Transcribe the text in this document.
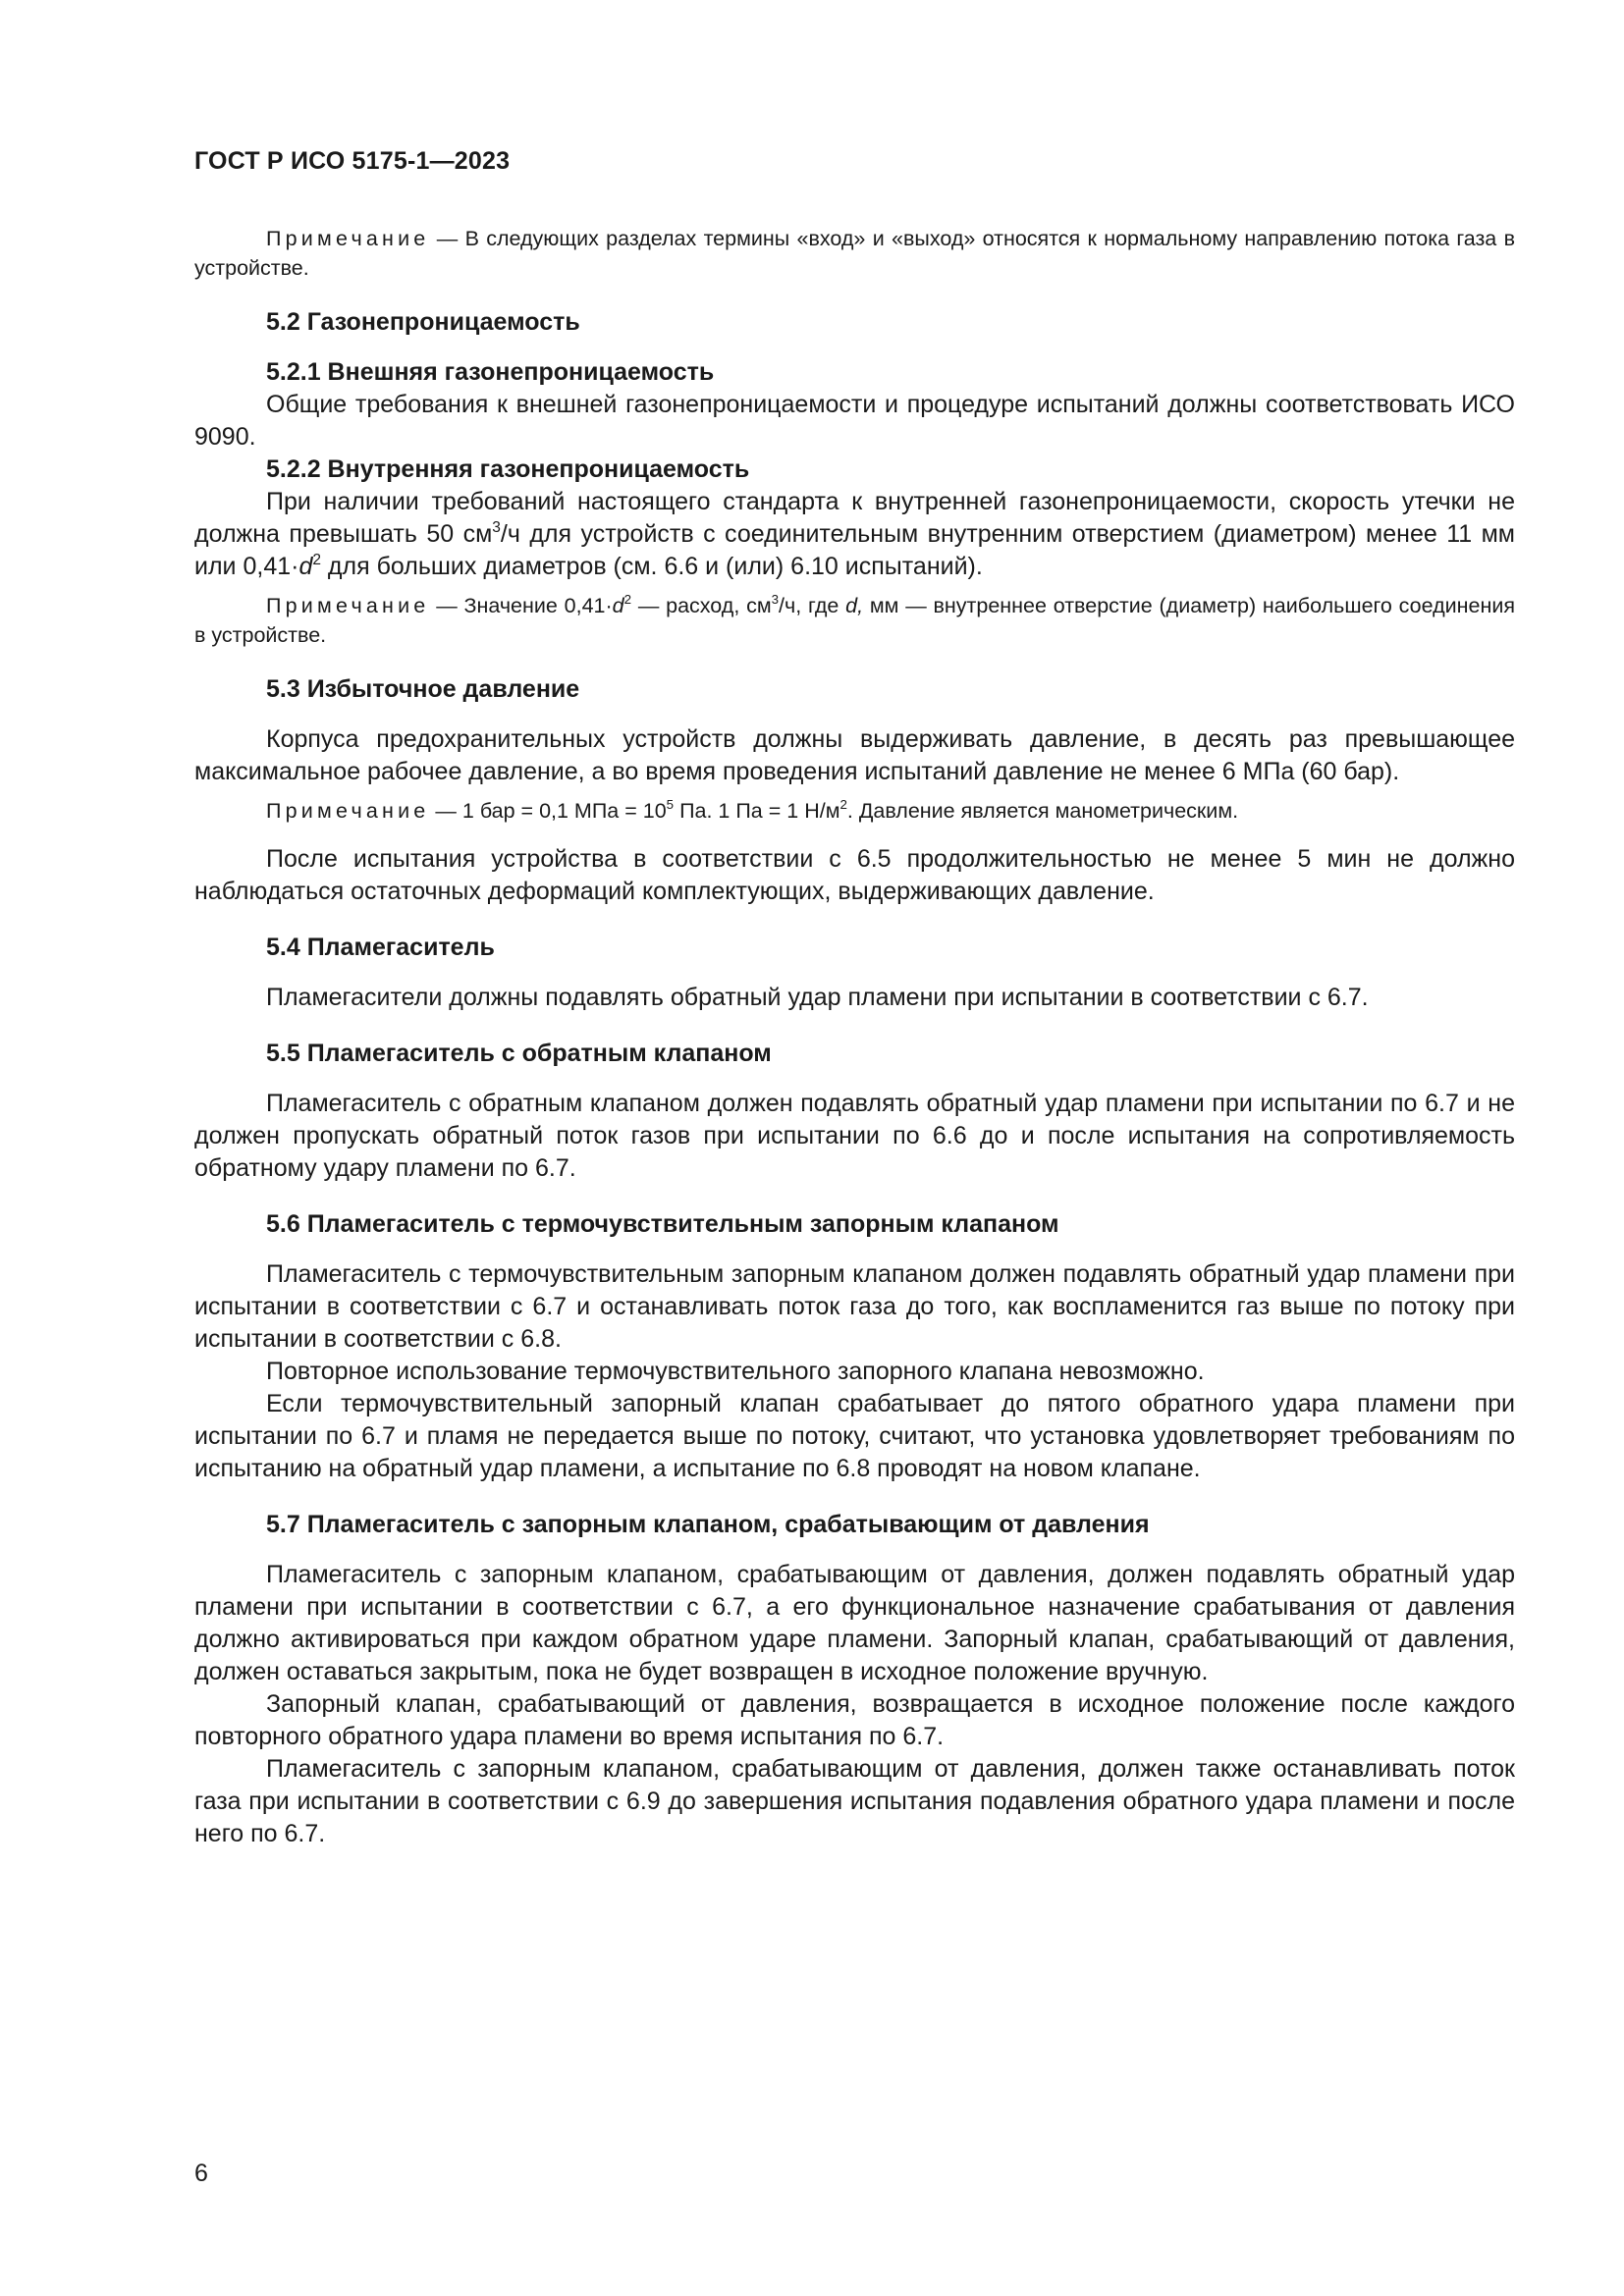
ГОСТ Р ИСО 5175-1—2023

Примечание — В следующих разделах термины «вход» и «выход» относятся к нормальному направлению потока газа в устройстве.

5.2 Газонепроницаемость

5.2.1 Внешняя газонепроницаемость

Общие требования к внешней газонепроницаемости и процедуре испытаний должны соответствовать ИСО 9090.

5.2.2 Внутренняя газонепроницаемость

При наличии требований настоящего стандарта к внутренней газонепроницаемости, скорость утечки не должна превышать 50 $см^3/ч$ для устройств с соединительным внутренним отверстием (диаметром) менее 11 мм или $0,41\cdot d^2$ для больших диаметров (см. 6.6 и (или) 6.10 испытаний).

Примечание — Значение $0,41\cdot d^2$ — расход, $см^3/ч$, где d, мм — внутреннее отверстие (диаметр) наибольшего соединения в устройстве.

5.3 Избыточное давление

Корпуса предохранительных устройств должны выдерживать давление, в десять раз превышающее максимальное рабочее давление, а во время проведения испытаний давление не менее 6 МПа (60 бар).

Примечание — 1 бар = 0,1 МПа = $10^5$ Па. 1 Па = 1 $Н/м^2$. Давление является манометрическим.

После испытания устройства в соответствии с 6.5 продолжительностью не менее 5 мин не должно наблюдаться остаточных деформаций комплектующих, выдерживающих давление.

5.4 Пламегаситель

Пламегасители должны подавлять обратный удар пламени при испытании в соответствии с 6.7.

5.5 Пламегаситель с обратным клапаном

Пламегаситель с обратным клапаном должен подавлять обратный удар пламени при испытании по 6.7 и не должен пропускать обратный поток газов при испытании по 6.6 до и после испытания на сопротивляемость обратному удару пламени по 6.7.

5.6 Пламегаситель с термочувствительным запорным клапаном

Пламегаситель с термочувствительным запорным клапаном должен подавлять обратный удар пламени при испытании в соответствии с 6.7 и останавливать поток газа до того, как воспламенится газ выше по потоку при испытании в соответствии с 6.8.

Повторное использование термочувствительного запорного клапана невозможно.

Если термочувствительный запорный клапан срабатывает до пятого обратного удара пламени при испытании по 6.7 и пламя не передается выше по потоку, считают, что установка удовлетворяет требованиям по испытанию на обратный удар пламени, а испытание по 6.8 проводят на новом клапане.

5.7 Пламегаситель с запорным клапаном, срабатывающим от давления

Пламегаситель с запорным клапаном, срабатывающим от давления, должен подавлять обратный удар пламени при испытании в соответствии с 6.7, а его функциональное назначение срабатывания от давления должно активироваться при каждом обратном ударе пламени. Запорный клапан, срабатывающий от давления, должен оставаться закрытым, пока не будет возвращен в исходное положение вручную.

Запорный клапан, срабатывающий от давления, возвращается в исходное положение после каждого повторного обратного удара пламени во время испытания по 6.7.

Пламегаситель с запорным клапаном, срабатывающим от давления, должен также останавливать поток газа при испытании в соответствии с 6.9 до завершения испытания подавления обратного удара пламени и после него по 6.7.

6
